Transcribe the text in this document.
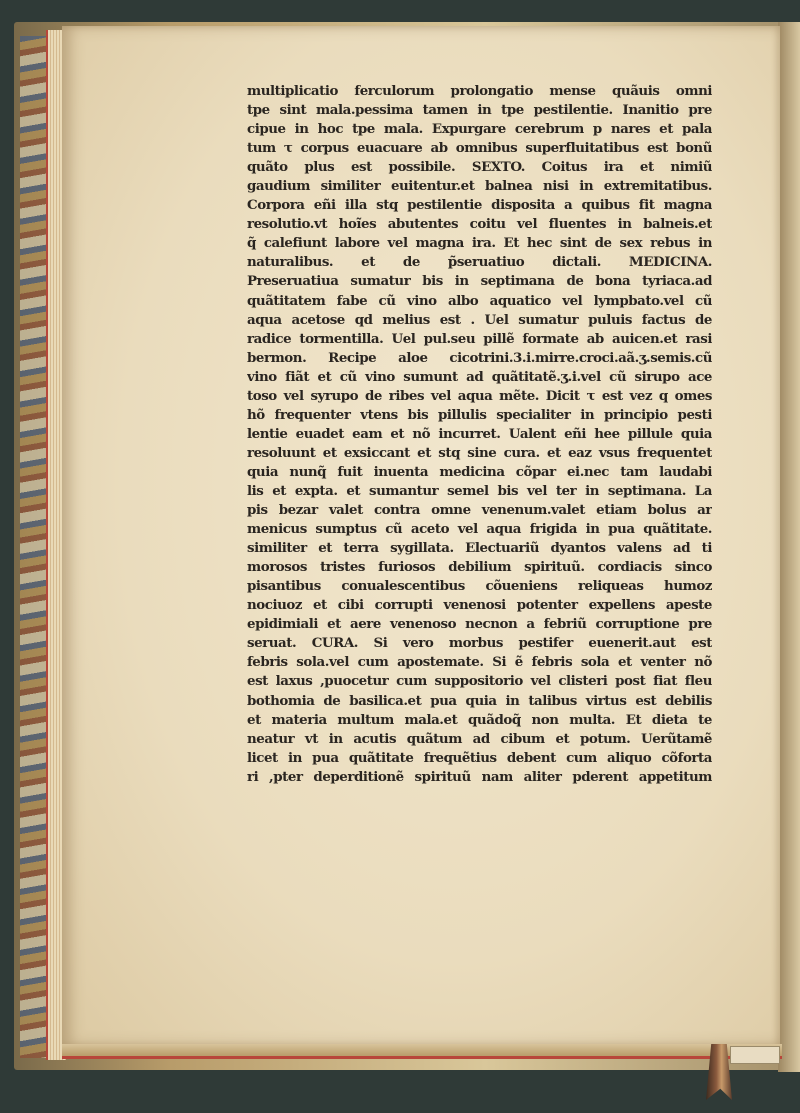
multiplicatio ferculorum prolongatio mense quãuis omni
tpe sint mala.pessima tamen in tpe pestilentie. Inanitio pre
cipue in hoc tpe mala. Expurgare cerebrum p nares et pala
tum τ corpus euacuare ab omnibus superfluitatibus est bonũ
quãto plus est possibile. SEXTO. Coitus ira et nimiũ
gaudium similiter euitentur.et balnea nisi in extremitatibus.
Corpora eñi illa stq pestilentie disposita a quibus fit magna
resolutio.vt hoĩes abutentes coitu vel fluentes in balneis.et
q̃ calefiunt labore vel magna ira. Et hec sint de sex rebus in
naturalibus. et de p̃seruatiuo dictali. MEDICINA.
Preseruatiua sumatur bis in septimana de bona tyriaca.ad
quãtitatem fabe cũ vino albo aquatico vel lympbato.vel cũ
aqua acetose qd melius est . Uel sumatur puluis factus de
radice tormentilla. Uel pul.seu pillẽ formate ab auicen.et rasi
bermon. Recipe aloe cicotrini.3.i.mirre.croci.aã.ʒ.semis.cũ
vino fiãt et cũ vino sumunt ad quãtitatẽ.ʒ.i.vel cũ sirupo ace
toso vel syrupo de ribes vel aqua mẽte. Dicit τ est vez q omes
hõ frequenter vtens bis pillulis specialiter in principio pesti
lentie euadet eam et nõ incurret. Ualent eñi hee pillule quia
resoluunt et exsiccant et stq sine cura. et eaz vsus frequentet
quia nunq̃ fuit inuenta medicina cõpar ei.nec tam laudabi
lis et expta. et sumantur semel bis vel ter in septimana. La
pis bezar valet contra omne venenum.valet etiam bolus ar
menicus sumptus cũ aceto vel aqua frigida in pua quãtitate.
similiter et terra sygillata. Electuariũ dyantos valens ad ti
morosos tristes furiosos debilium spirituũ. cordiacis sinco
pisantibus conualescentibus cõueniens reliqueas humoz
nociuoz et cibi corrupti venenosi potenter expellens apeste
epidimiali et aere venenoso necnon a febriũ corruptione pre
seruat. CURA. Si vero morbus pestifer euenerit.aut est
febris sola.vel cum apostemate. Si ẽ febris sola et venter nõ
est laxus ,puocetur cum suppositorio vel clisteri post fiat fleu
bothomia de basilica.et pua quia in talibus virtus est debilis
et materia multum mala.et quãdoq̃ non multa. Et dieta te
neatur vt in acutis quãtum ad cibum et potum. Uerũtamẽ
licet in pua quãtitate frequẽtius debent cum aliquo cõforta
ri ,pter deperditionẽ spirituũ nam aliter pderent appetitum
